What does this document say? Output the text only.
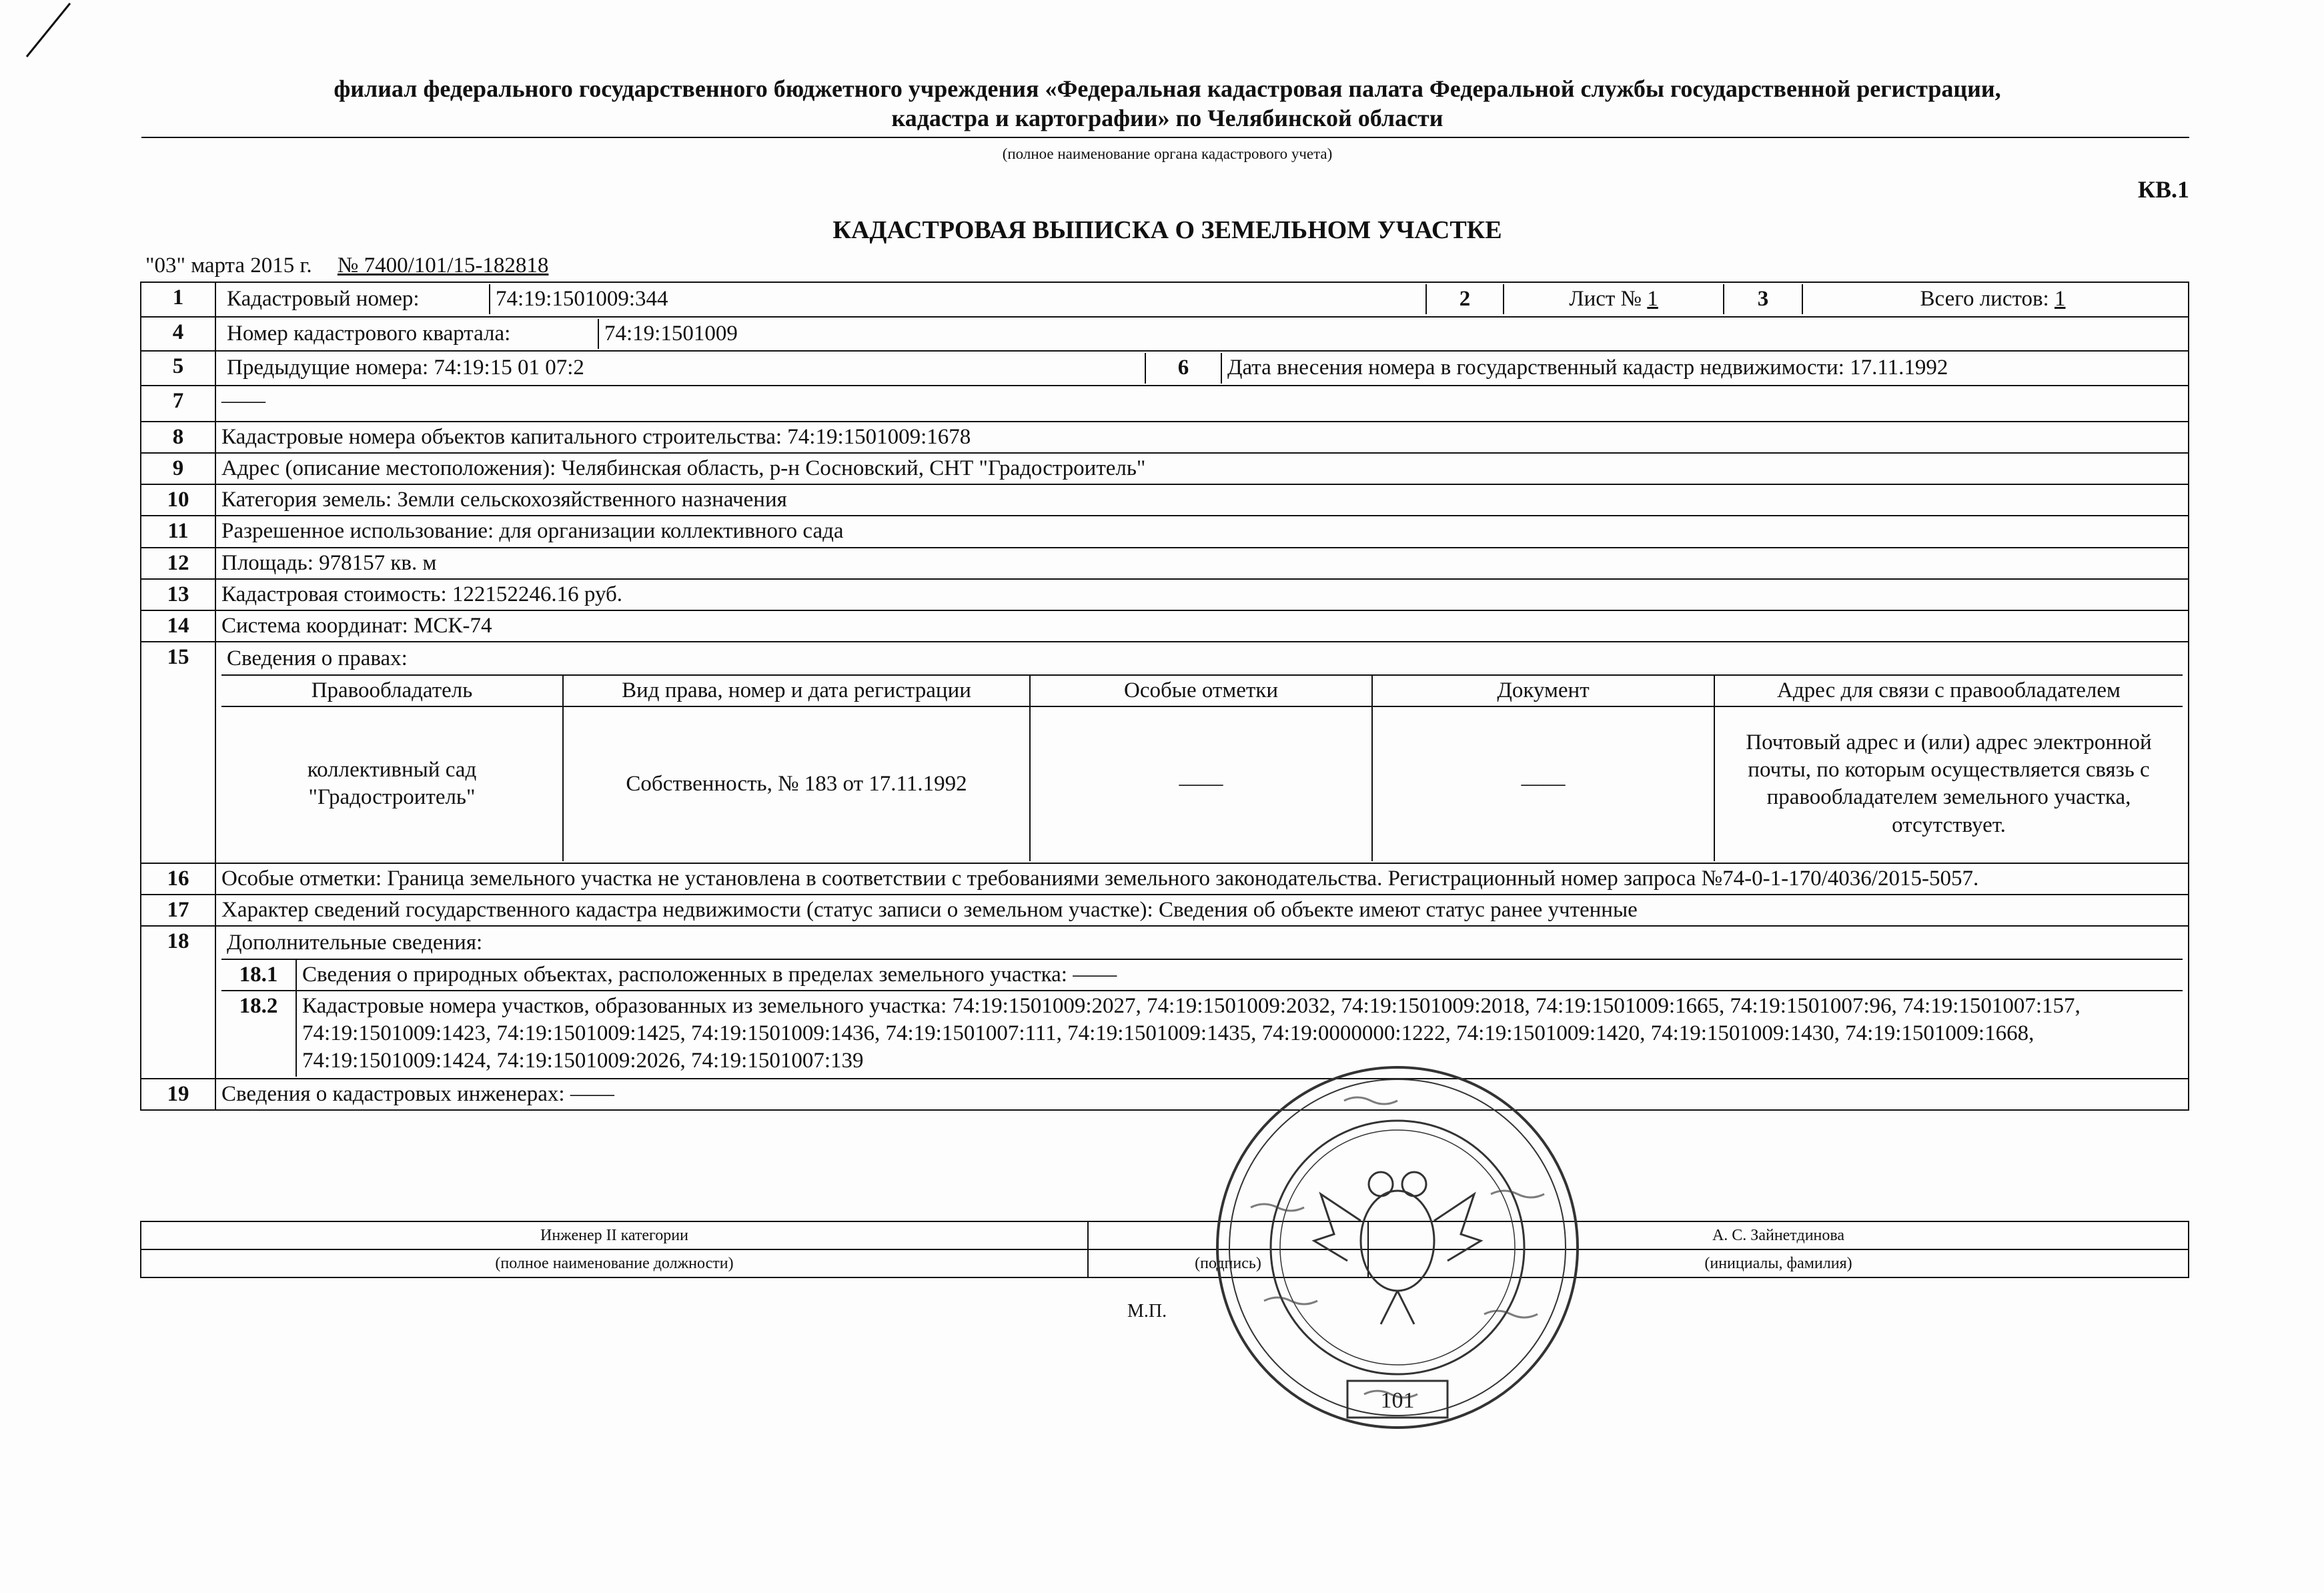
филиал федерального государственного бюджетного учреждения «Федеральная кадастровая палата Федеральной службы государственной регистрации,
кадастра и картографии» по Челябинской области
(полное наименование органа кадастрового учета)
КВ.1
КАДАСТРОВАЯ ВЫПИСКА О ЗЕМЕЛЬНОМ УЧАСТКЕ
"03" марта 2015 г. № 7400/101/15-182818
1	Кадастровый номер:	74:19:1501009:344	2	Лист № 1	3	Всего листов: 1

4	Номер кадастрового квартала:	74:19:1501009

5	Предыдущие номера: 74:19:15 01 07:2	6	Дата внесения номера в государственный кадастр недвижимости: 17.11.1992

7	——
8	Кадастровые номера объектов капитального строительства: 74:19:1501009:1678
9	Адрес (описание местоположения): Челябинская область, р-н Сосновский, СНТ "Градостроитель"
10	Категория земель: Земли сельскохозяйственного назначения
11	Разрешенное использование: для организации коллективного сада
12	Площадь: 978157 кв. м
13	Кадастровая стоимость: 122152246.16 руб.
14	Система координат: МСК-74
15	Сведения о правах:
Правообладатель	Вид права, номер и дата регистрации	Особые отметки	Документ	Адрес для связи с правообладателем
коллективный сад "Градостроитель"	Собственность, № 183 от 17.11.1992	——	——	Почтовый адрес и (или) адрес электронной почты, по которым осуществляется связь с правообладателем земельного участка, отсутствует.

16	Особые отметки: Граница земельного участка не установлена в соответствии с требованиями земельного законодательства. Регистрационный номер запроса №74-0-1-170/4036/2015-5057.
17	Характер сведений государственного кадастра недвижимости (статус записи о земельном участке): Сведения об объекте имеют статус ранее учтенные
18	Дополнительные сведения:
18.1	Сведения о природных объектах, расположенных в пределах земельного участка: ——
18.2	Кадастровые номера участков, образованных из земельного участка: 74:19:1501009:2027, 74:19:1501009:2032, 74:19:1501009:2018, 74:19:1501009:1665, 74:19:1501007:96, 74:19:1501007:157, 74:19:1501009:1423, 74:19:1501009:1425, 74:19:1501009:1436, 74:19:1501007:111, 74:19:1501009:1435, 74:19:0000000:1222, 74:19:1501009:1420, 74:19:1501009:1430, 74:19:1501009:1668, 74:19:1501009:1424, 74:19:1501009:2026, 74:19:1501007:139

19	Сведения о кадастровых инженерах: ——
Инженер II категории		А. С. Зайнетдинова
(полное наименование должности)	(подпись)	(инициалы, фамилия)
М.П.
101
